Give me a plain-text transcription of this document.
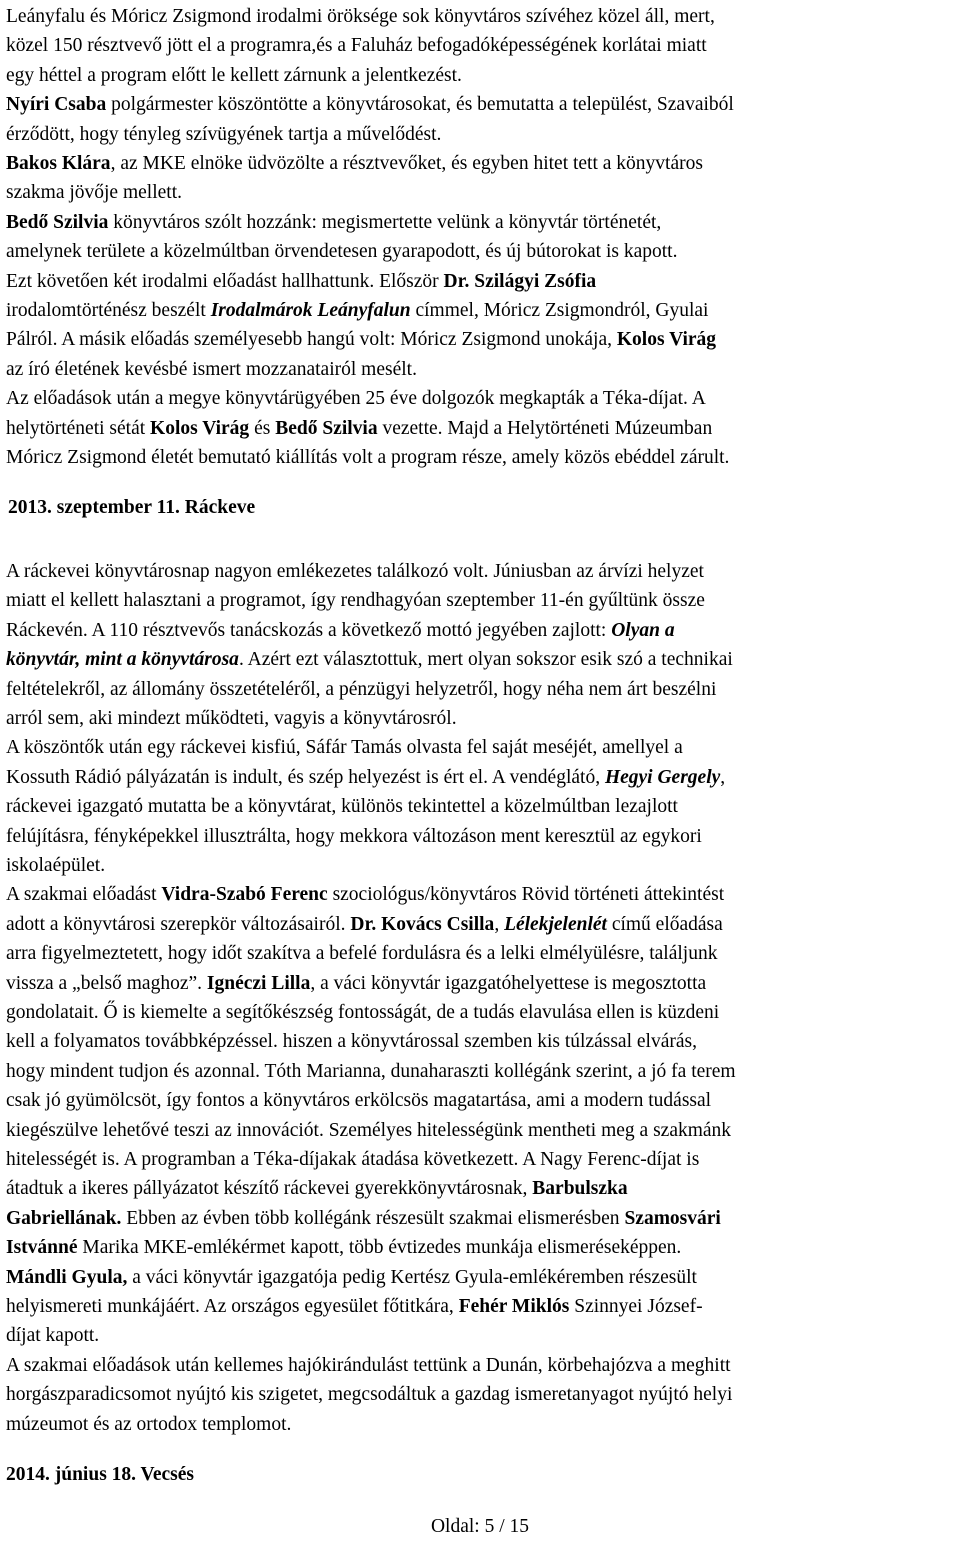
Leányfalu és Móricz Zsigmond irodalmi öröksége sok könyvtáros szívéhez közel áll, mert,

közel 150 résztvevő jött el a programra,és a Faluház befogadóképességének korlátai miatt

egy héttel a program előtt le kellett zárnunk a jelentkezést.

Nyíri Csaba polgármester köszöntötte a könyvtárosokat, és bemutatta a települést, Szavaiból

érződött, hogy tényleg szívügyének tartja a művelődést.

Bakos Klára, az MKE elnöke üdvözölte a résztvevőket, és egyben hitet tett a könyvtáros

szakma jövője mellett.

Bedő Szilvia könyvtáros szólt hozzánk: megismertette velünk a könyvtár történetét,

amelynek területe a közelmúltban örvendetesen gyarapodott, és új bútorokat is kapott.

Ezt követően két irodalmi előadást hallhattunk. Először Dr. Szilágyi Zsófia

irodalomtörténész beszélt Irodalmárok Leányfalun címmel, Móricz Zsigmondról, Gyulai

Pálról. A másik előadás személyesebb hangú volt: Móricz Zsigmond unokája, Kolos Virág

az író életének kevésbé ismert mozzanatairól mesélt.

Az előadások után a megye könyvtárügyében 25 éve dolgozók megkapták a Téka-díjat. A

helytörténeti sétát Kolos Virág és Bedő Szilvia vezette. Majd a Helytörténeti Múzeumban

Móricz Zsigmond életét bemutató kiállítás volt a program része, amely közös ebéddel zárult.

2013. szeptember 11. Ráckeve

A ráckevei könyvtárosnap nagyon emlékezetes találkozó volt. Júniusban az árvízi helyzet

miatt el kellett halasztani a programot, így rendhagyóan szeptember 11-én gyűltünk össze

Ráckevén. A 110 résztvevős tanácskozás a következő mottó jegyében zajlott: Olyan a

könyvtár, mint a könyvtárosa. Azért ezt választottuk, mert olyan sokszor esik szó a technikai

feltételekről, az állomány összetételéről, a pénzügyi helyzetről, hogy néha nem árt beszélni

arról sem, aki mindezt működteti, vagyis a könyvtárosról.

A köszöntők után egy ráckevei kisfiú, Sáfár Tamás olvasta fel saját meséjét, amellyel a

Kossuth Rádió pályázatán is indult, és szép helyezést is ért el. A vendéglátó, Hegyi Gergely,

ráckevei igazgató mutatta be a könyvtárat, különös tekintettel a közelmúltban lezajlott

felújításra, fényképekkel illusztrálta, hogy mekkora változáson ment keresztül az egykori

iskolaépület.

A szakmai előadást Vidra-Szabó Ferenc szociológus/könyvtáros Rövid történeti áttekintést

adott a könyvtárosi szerepkör változásairól. Dr. Kovács Csilla, Lélekjelenlét című előadása

arra figyelmeztetett, hogy időt szakítva a befelé fordulásra és a lelki elmélyülésre, találjunk

vissza a „belső maghoz”. Ignéczi Lilla, a váci könyvtár igazgatóhelyettese is megosztotta

gondolatait. Ő is kiemelte a segítőkészség fontosságát, de a tudás elavulása ellen is küzdeni

kell a folyamatos továbbképzéssel. hiszen a könyvtárossal szemben kis túlzással elvárás,

hogy mindent tudjon és azonnal. Tóth Marianna, dunaharaszti kollégánk szerint, a jó fa terem

csak jó gyümölcsöt, így fontos a könyvtáros erkölcsös magatartása, ami a modern tudással

kiegészülve lehetővé teszi az innovációt. Személyes hitelességünk mentheti meg a szakmánk

hitelességét is. A programban a Téka-díjakak átadása következett. A Nagy Ferenc-díjat is

átadtuk a ikeres pállyázatot készítő ráckevei gyerekkönyvtárosnak, Barbulszka

Gabriellának. Ebben az évben több kollégánk részesült szakmai elismerésben Szamosvári

Istvánné Marika MKE-emlékérmet kapott, több évtizedes munkája elismeréseképpen.

Mándli Gyula, a váci könyvtár igazgatója pedig Kertész Gyula-emlékéremben részesült

helyismereti munkájáért. Az országos egyesület főtitkára, Fehér Miklós Szinnyei József-

díjat kapott.

A szakmai előadások után kellemes hajókirándulást tettünk a Dunán, körbehajózva a meghitt

horgászparadicsomot nyújtó kis szigetet, megcsodáltuk a gazdag ismeretanyagot nyújtó helyi

múzeumot és az ortodox templomot.

2014. június 18. Vecsés

Oldal: 5 / 15
